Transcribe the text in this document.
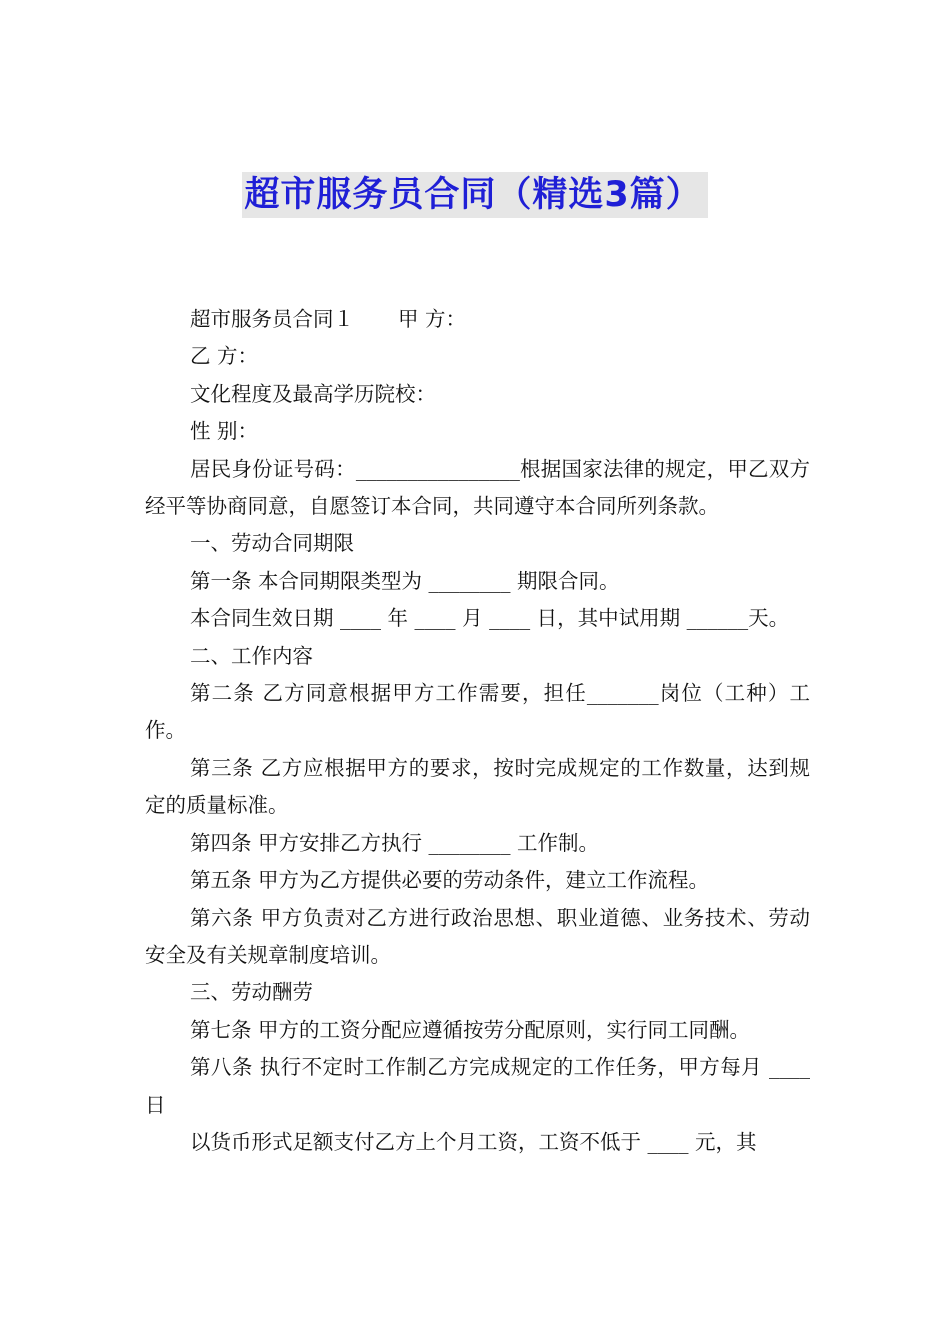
超市服务员合同（精选3篇）

超市服务员合同１ 甲 方：

乙 方：

文化程度及最高学历院校：

性 别：

居民身份证号码：________________根据国家法律的规定，甲乙双方经平等协商同意，自愿签订本合同，共同遵守本合同所列条款。

一、劳动合同期限

第一条 本合同期限类型为 ________ 期限合同。

本合同生效日期 ____ 年 ____ 月 ____ 日，其中试用期 ______天。

二、工作内容

第二条 乙方同意根据甲方工作需要，担任_______岗位（工种）工作。

第三条 乙方应根据甲方的要求，按时完成规定的工作数量，达到规定的质量标准。

第四条 甲方安排乙方执行 ________ 工作制。

第五条 甲方为乙方提供必要的劳动条件，建立工作流程。

第六条 甲方负责对乙方进行政治思想、职业道德、业务技术、劳动安全及有关规章制度培训。

三、劳动酬劳

第七条 甲方的工资分配应遵循按劳分配原则，实行同工同酬。

第八条 执行不定时工作制乙方完成规定的工作任务，甲方每月 ____ 日

以货币形式足额支付乙方上个月工资，工资不低于 ____ 元，其
